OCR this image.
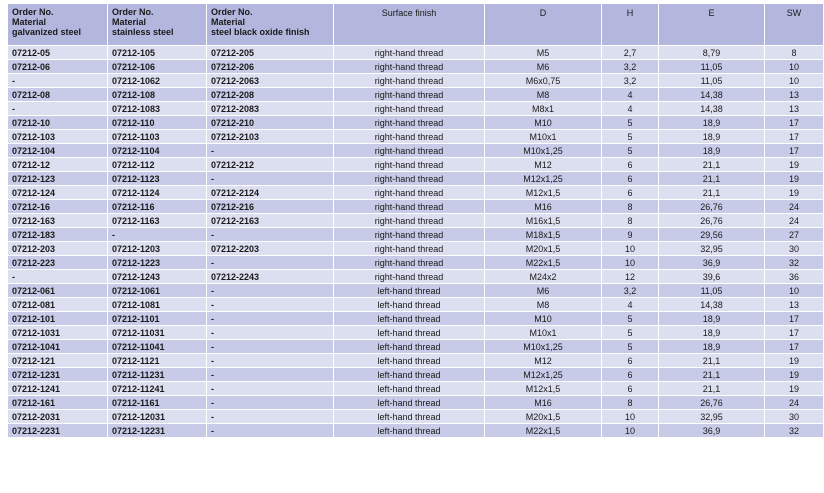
Order No.
Material
galvanized steel	Order No.
Material
stainless steel	Order No.
Material
steel black oxide finish	Surface finish	D	H	E	SW
07212-05	07212-105	07212-205	right-hand thread	M5	2,7	8,79	8
07212-06	07212-106	07212-206	right-hand thread	M6	3,2	11,05	10
-	07212-1062	07212-2063	right-hand thread	M6x0,75	3,2	11,05	10
07212-08	07212-108	07212-208	right-hand thread	M8	4	14,38	13
-	07212-1083	07212-2083	right-hand thread	M8x1	4	14,38	13
07212-10	07212-110	07212-210	right-hand thread	M10	5	18,9	17
07212-103	07212-1103	07212-2103	right-hand thread	M10x1	5	18,9	17
07212-104	07212-1104	-	right-hand thread	M10x1,25	5	18,9	17
07212-12	07212-112	07212-212	right-hand thread	M12	6	21,1	19
07212-123	07212-1123	-	right-hand thread	M12x1,25	6	21,1	19
07212-124	07212-1124	07212-2124	right-hand thread	M12x1,5	6	21,1	19
07212-16	07212-116	07212-216	right-hand thread	M16	8	26,76	24
07212-163	07212-1163	07212-2163	right-hand thread	M16x1,5	8	26,76	24
07212-183	-	-	right-hand thread	M18x1,5	9	29,56	27
07212-203	07212-1203	07212-2203	right-hand thread	M20x1,5	10	32,95	30
07212-223	07212-1223	-	right-hand thread	M22x1,5	10	36,9	32
-	07212-1243	07212-2243	right-hand thread	M24x2	12	39,6	36
07212-061	07212-1061	-	left-hand thread	M6	3,2	11,05	10
07212-081	07212-1081	-	left-hand thread	M8	4	14,38	13
07212-101	07212-1101	-	left-hand thread	M10	5	18,9	17
07212-1031	07212-11031	-	left-hand thread	M10x1	5	18,9	17
07212-1041	07212-11041	-	left-hand thread	M10x1,25	5	18,9	17
07212-121	07212-1121	-	left-hand thread	M12	6	21,1	19
07212-1231	07212-11231	-	left-hand thread	M12x1,25	6	21,1	19
07212-1241	07212-11241	-	left-hand thread	M12x1,5	6	21,1	19
07212-161	07212-1161	-	left-hand thread	M16	8	26,76	24
07212-2031	07212-12031	-	left-hand thread	M20x1,5	10	32,95	30
07212-2231	07212-12231	-	left-hand thread	M22x1,5	10	36,9	32
